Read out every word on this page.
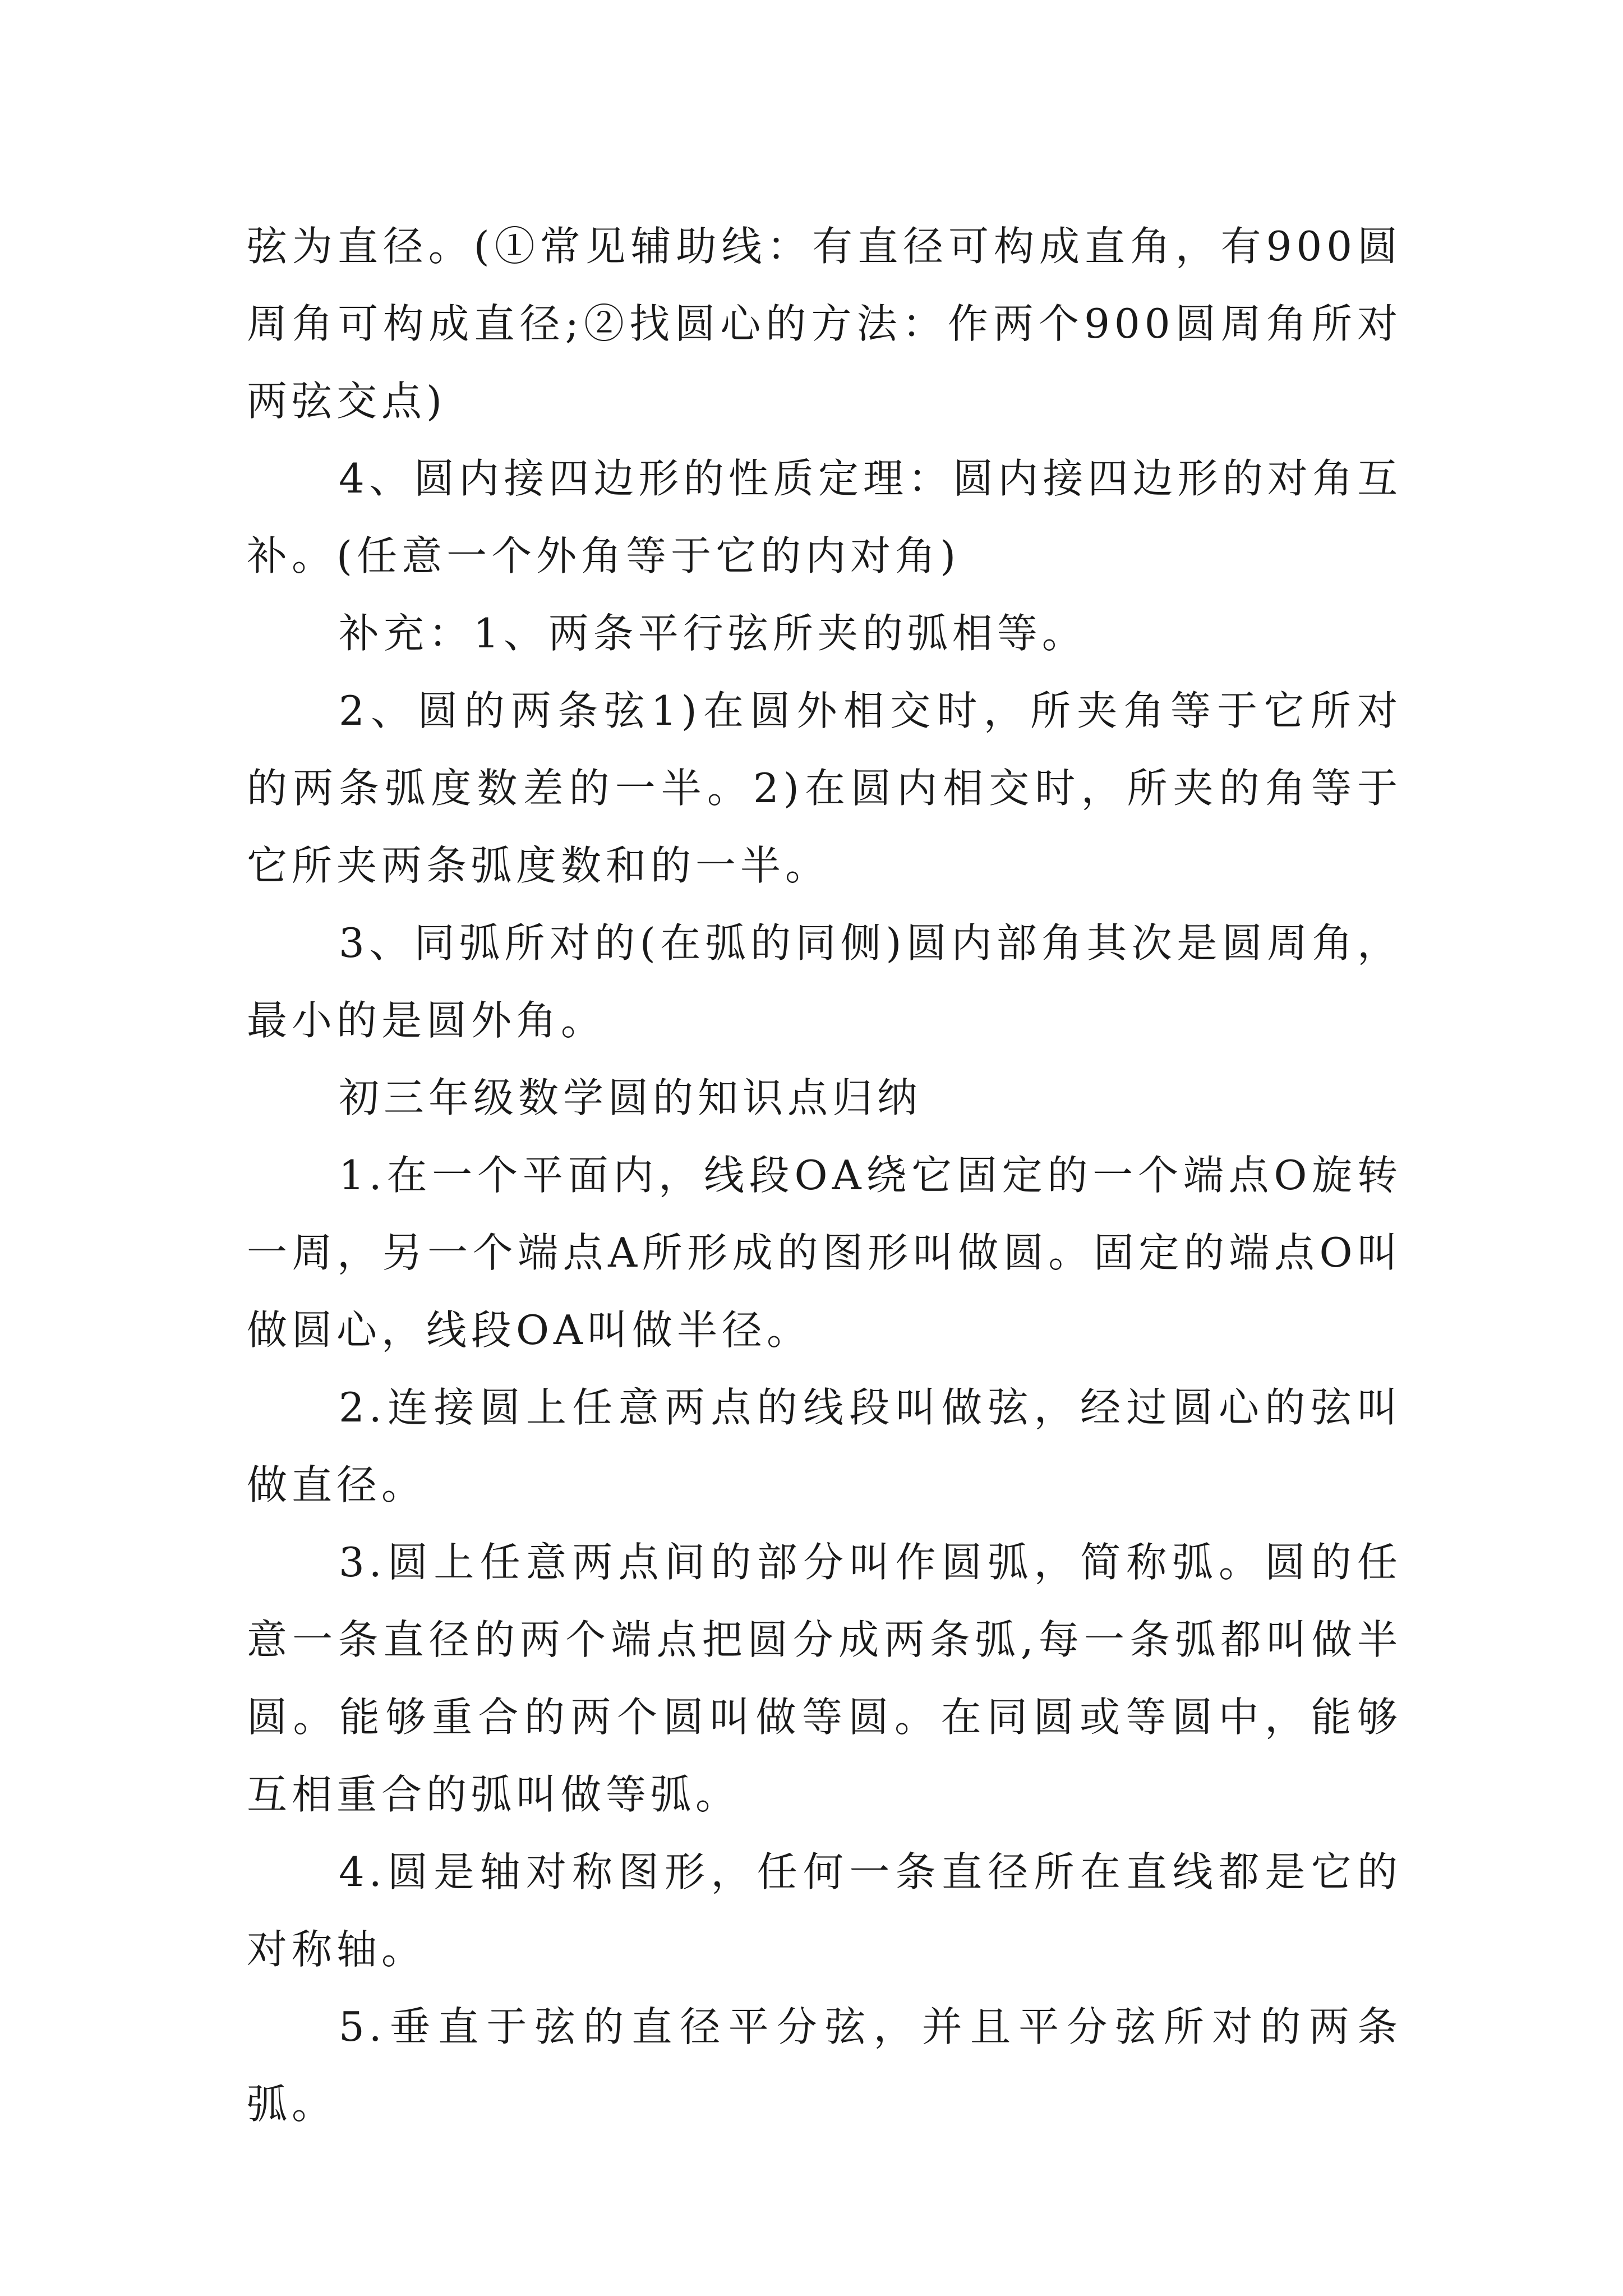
弦为直径。(①常见辅助线：有直径可构成直角，有900圆周角可构成直径;②找圆心的方法：作两个900圆周角所对两弦交点)

4、圆内接四边形的性质定理：圆内接四边形的对角互补。(任意一个外角等于它的内对角)

补充：1、两条平行弦所夹的弧相等。

2、圆的两条弦1)在圆外相交时，所夹角等于它所对的两条弧度数差的一半。2)在圆内相交时，所夹的角等于它所夹两条弧度数和的一半。

3、同弧所对的(在弧的同侧)圆内部角其次是圆周角，最小的是圆外角。

初三年级数学圆的知识点归纳

1.在一个平面内，线段OA绕它固定的一个端点O旋转一周，另一个端点A所形成的图形叫做圆。固定的端点O叫做圆心，线段OA叫做半径。

2.连接圆上任意两点的线段叫做弦，经过圆心的弦叫做直径。

3.圆上任意两点间的部分叫作圆弧，简称弧。圆的任意一条直径的两个端点把圆分成两条弧,每一条弧都叫做半圆。能够重合的两个圆叫做等圆。在同圆或等圆中，能够互相重合的弧叫做等弧。

4.圆是轴对称图形，任何一条直径所在直线都是它的对称轴。

5.垂直于弦的直径平分弦，并且平分弦所对的两条弧。
